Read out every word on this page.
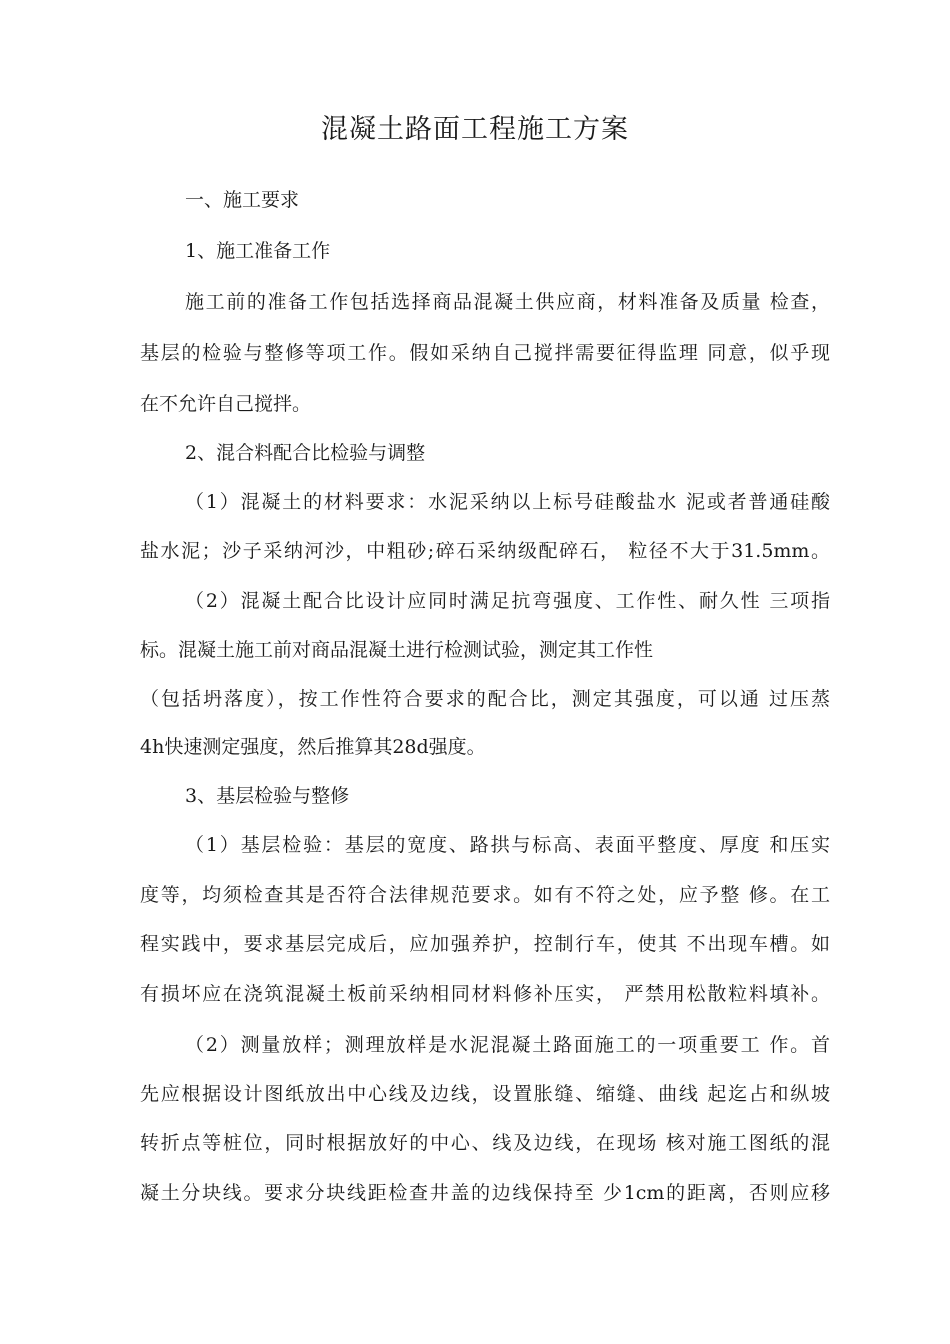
混凝土路面工程施工方案
一、施工要求
1、施工准备工作
施工前的准备工作包括选择商品混凝土供应商，材料准备及质量 检查，
基层的检验与整修等项工作。假如采纳自己搅拌需要征得监理 同意，似乎现
在不允许自己搅拌。
2、混合料配合比检验与调整
（1）混凝土的材料要求：水泥采纳以上标号硅酸盐水 泥或者普通硅酸
盐水泥；沙子采纳河沙，中粗砂;碎石采纳级配碎石， 粒径不大于31.5mm。
（2）混凝土配合比设计应同时满足抗弯强度、工作性、耐久性 三项指
标。混凝土施工前对商品混凝土进行检测试验，测定其工作性
（包括坍落度），按工作性符合要求的配合比，测定其强度，可以通 过压蒸
4h快速测定强度，然后推算其28d强度。
3、基层检验与整修
（1）基层检验：基层的宽度、路拱与标高、表面平整度、厚度 和压实
度等，均须检查其是否符合法律规范要求。如有不符之处，应予整 修。在工
程实践中，要求基层完成后，应加强养护，控制行车，使其 不出现车槽。如
有损坏应在浇筑混凝土板前采纳相同材料修补压实， 严禁用松散粒料填补。
（2）测量放样；测理放样是水泥混凝土路面施工的一项重要工 作。首
先应根据设计图纸放出中心线及边线，设置胀缝、缩缝、曲线 起迄占和纵坡
转折点等桩位，同时根据放好的中心、线及边线，在现场 核对施工图纸的混
凝土分块线。要求分块线距检查井盖的边线保持至 少1cm的距离，否则应移
